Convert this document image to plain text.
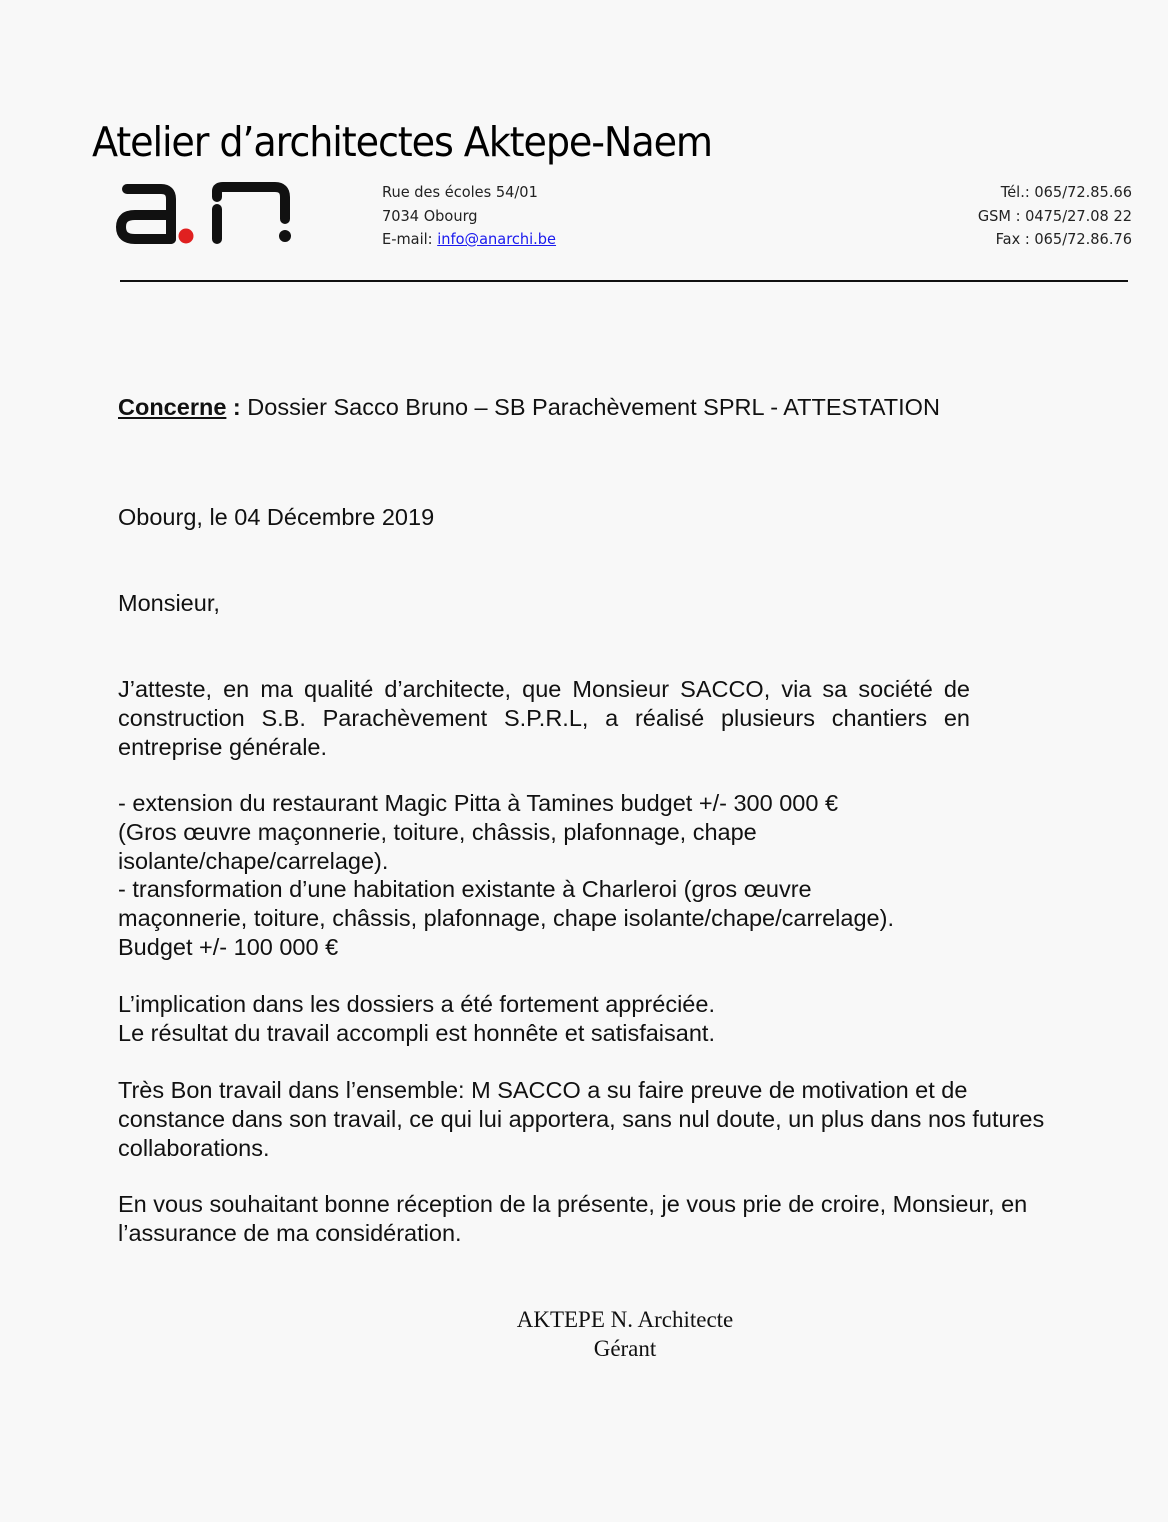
Atelier d’architectes Aktepe-Naem
Rue des écoles 54/01
7034 Obourg
E-mail: info@anarchi.be
Tél.: 065/72.85.66
GSM : 0475/27.08 22
Fax : 065/72.86.76
Concerne : Dossier Sacco Bruno – SB Parachèvement SPRL - ATTESTATION
Obourg, le 04 Décembre 2019
Monsieur,
J’atteste, en ma qualité d’architecte, que Monsieur SACCO, via sa société de
construction S.B. Parachèvement S.P.R.L, a réalisé plusieurs chantiers en
entreprise générale.
- extension du restaurant Magic Pitta à Tamines budget +/- 300 000 €
(Gros œuvre maçonnerie, toiture, châssis, plafonnage, chape
isolante/chape/carrelage).
- transformation d’une habitation existante à Charleroi (gros œuvre
maçonnerie, toiture, châssis, plafonnage, chape isolante/chape/carrelage).
Budget +/- 100 000 €
L’implication dans les dossiers a été fortement appréciée.
Le résultat du travail accompli est honnête et satisfaisant.
Très Bon travail dans l’ensemble: M SACCO a su faire preuve de motivation et de
constance dans son travail, ce qui lui apportera, sans nul doute, un plus dans nos futures
collaborations.
En vous souhaitant bonne réception de la présente, je vous prie de croire, Monsieur, en
l’assurance de ma considération.
AKTEPE N. Architecte
Gérant
